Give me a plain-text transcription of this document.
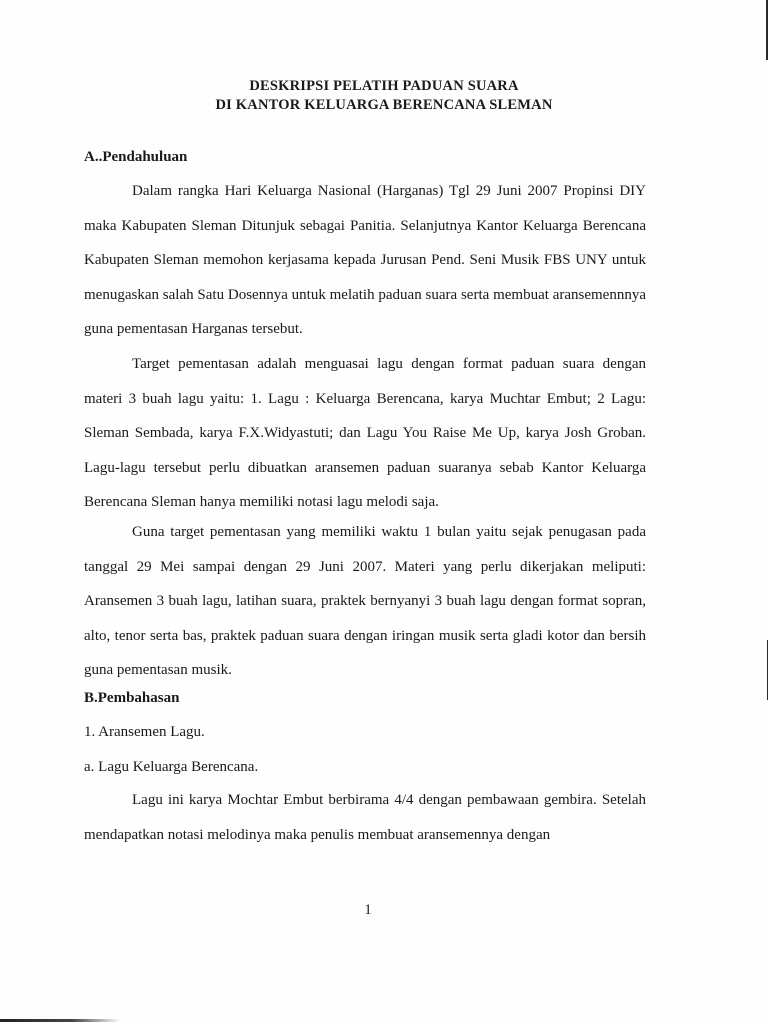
DESKRIPSI PELATIH PADUAN SUARA
DI KANTOR KELUARGA BERENCANA SLEMAN
A..Pendahuluan

Dalam rangka Hari Keluarga Nasional (Harganas) Tgl 29 Juni 2007 Propinsi DIY maka Kabupaten Sleman Ditunjuk sebagai Panitia. Selanjutnya Kantor Keluarga Berencana Kabupaten Sleman memohon kerjasama kepada Jurusan Pend. Seni Musik FBS UNY untuk menugaskan salah Satu Dosennya untuk melatih paduan suara serta membuat aransemennnya guna pementasan Harganas tersebut.

Target pementasan adalah menguasai lagu dengan format paduan suara dengan materi 3 buah lagu yaitu: 1. Lagu : Keluarga Berencana, karya Muchtar Embut; 2 Lagu: Sleman Sembada, karya F.X.Widyastuti; dan Lagu You Raise Me Up, karya Josh Groban. Lagu-lagu tersebut perlu dibuatkan aransemen paduan suaranya sebab Kantor Keluarga Berencana Sleman hanya memiliki notasi lagu melodi saja.

Guna target pementasan yang memiliki waktu 1 bulan yaitu sejak penugasan pada tanggal 29 Mei sampai dengan 29 Juni 2007. Materi yang perlu dikerjakan meliputi: Aransemen 3 buah lagu, latihan suara, praktek bernyanyi 3 buah lagu dengan format sopran, alto, tenor serta bas, praktek paduan suara dengan iringan musik serta gladi kotor dan bersih guna pementasan musik.

B.Pembahasan
1. Aransemen Lagu.
a. Lagu Keluarga Berencana.

Lagu ini karya Mochtar Embut berbirama 4/4 dengan pembawaan gembira. Setelah mendapatkan notasi melodinya maka penulis membuat aransemennya dengan

1
